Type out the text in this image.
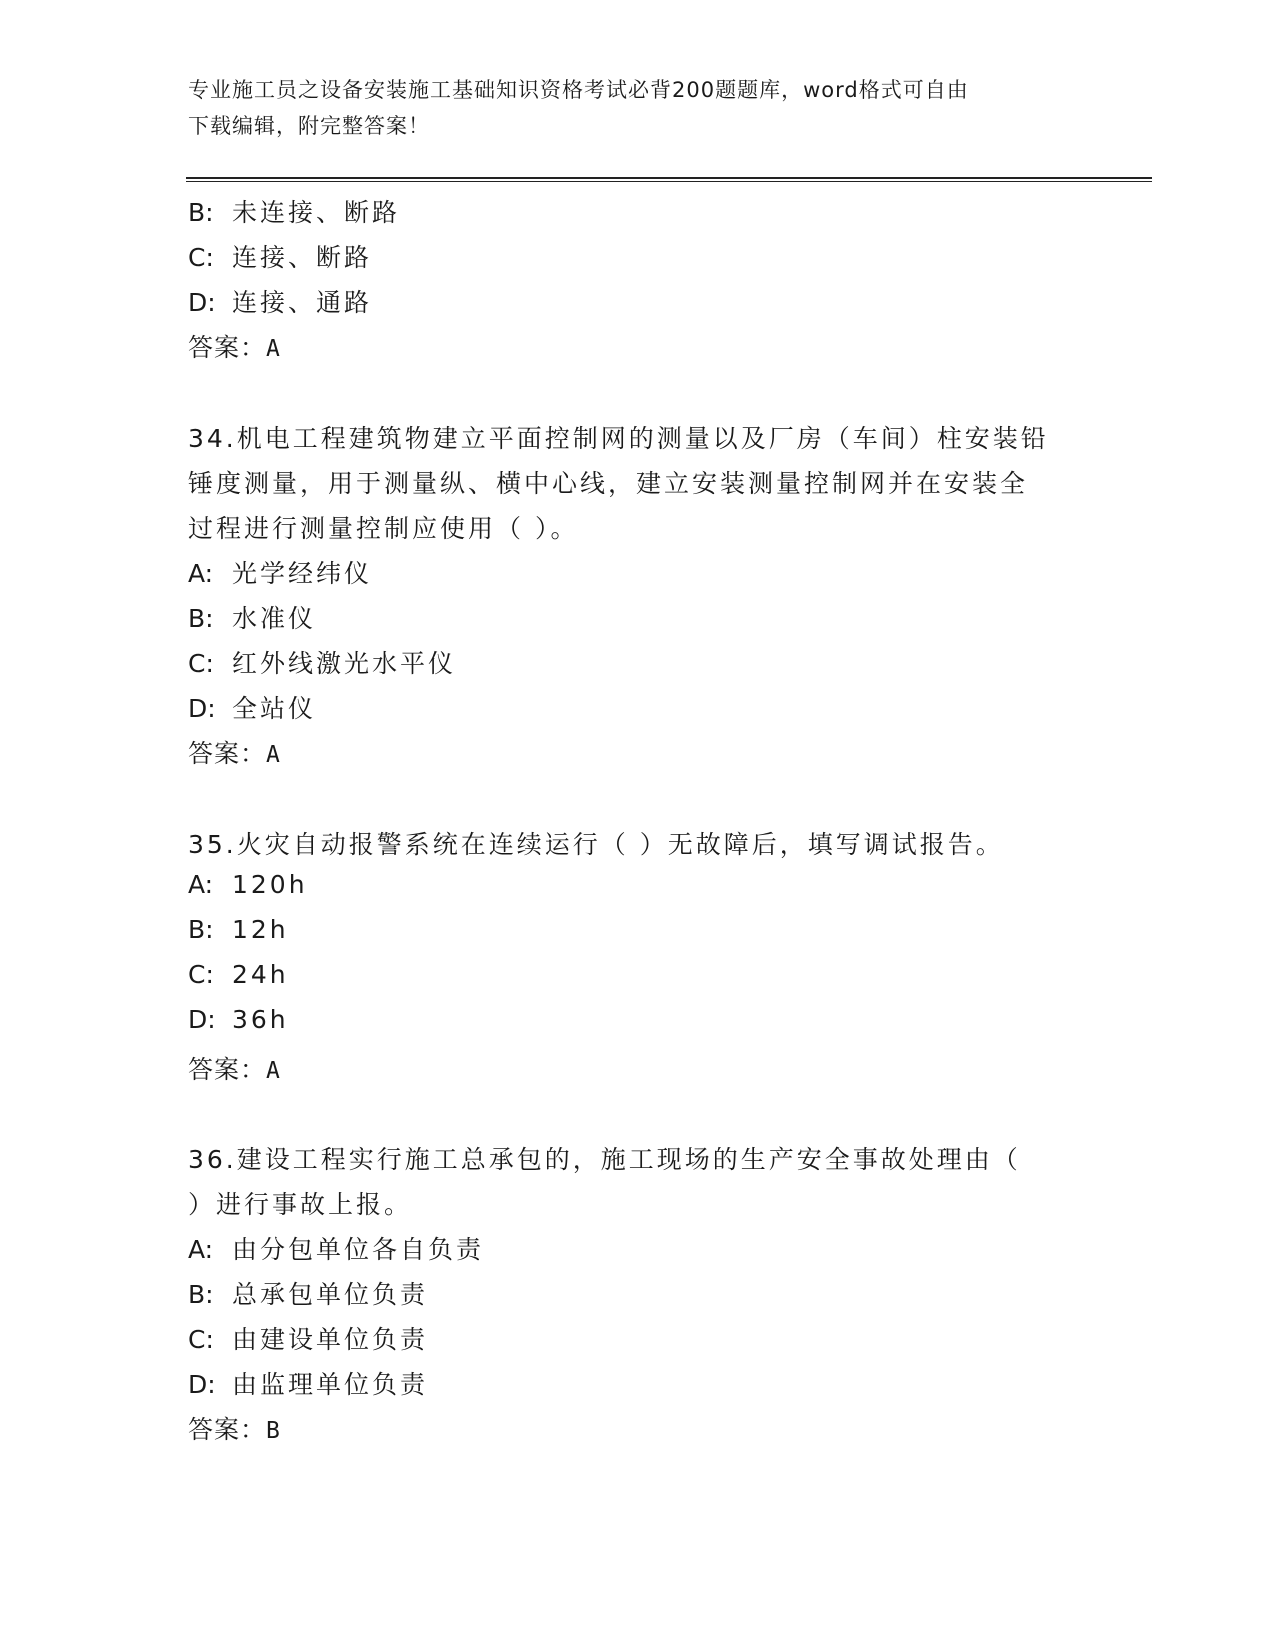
专业施工员之设备安装施工基础知识资格考试必背200题题库，word格式可自由
下载编辑，附完整答案！
B: 未连接、断路
C: 连接、断路
D: 连接、通路
答案：A
34.机电工程建筑物建立平面控制网的测量以及厂房（车间）柱安装铅
锤度测量，用于测量纵、横中心线，建立安装测量控制网并在安装全
过程进行测量控制应使用（ ）。
A: 光学经纬仪
B: 水准仪
C: 红外线激光水平仪
D: 全站仪
答案：A
35.火灾自动报警系统在连续运行（ ）无故障后，填写调试报告。
A: 120h
B: 12h
C: 24h
D: 36h
答案：A
36.建设工程实行施工总承包的，施工现场的生产安全事故处理由（
）进行事故上报。
A: 由分包单位各自负责
B: 总承包单位负责
C: 由建设单位负责
D: 由监理单位负责
答案：B
